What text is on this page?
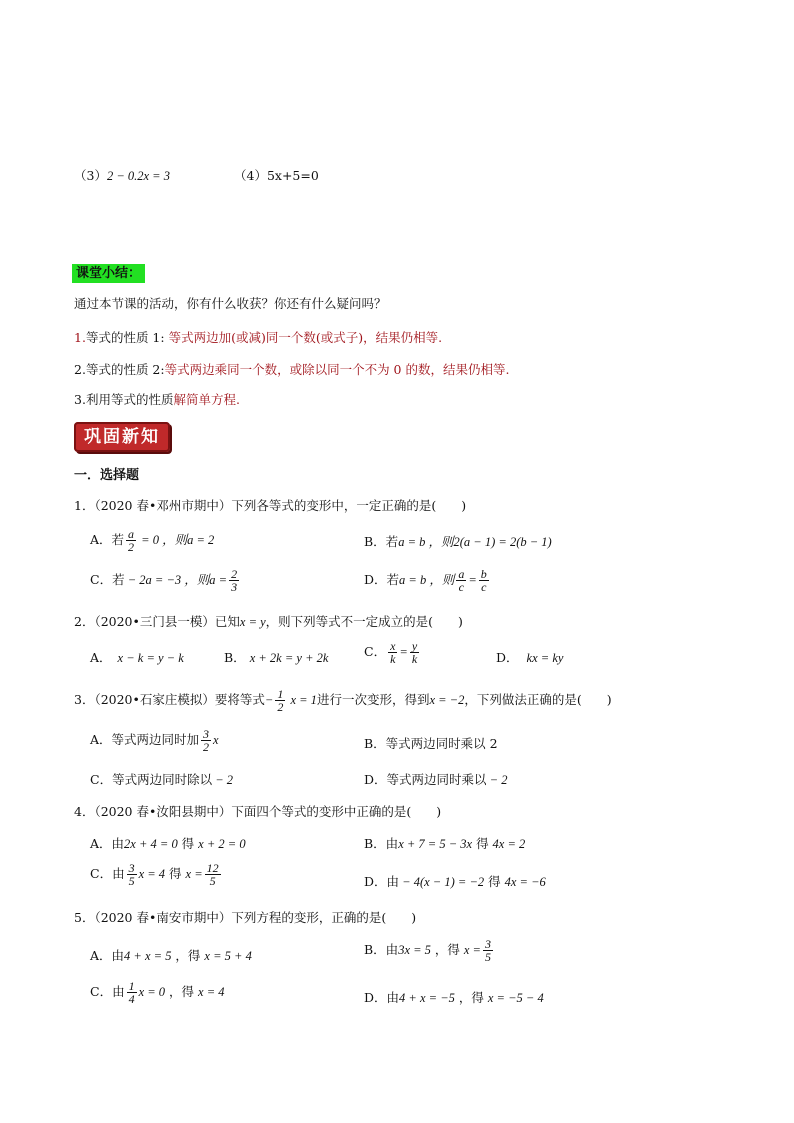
（3）2 − 0.2x = 3	（4）5x+5=0
课堂小结：
通过本节课的活动，你有什么收获？你还有什么疑问吗？
1.等式的性质 1: 等式两边加(或减)同一个数(或式子)，结果仍相等.
2.等式的性质 2:等式两边乘同一个数，或除以同一个不为 0 的数，结果仍相等.
3.利用等式的性质解简单方程.
巩固新知
一．选择题
1．（2020 春•邓州市期中）下列各等式的变形中，一定正确的是(　　)
A．若 $\frac{a}{2} = 0$ ，则a = 2	B．若a = b ，则2(a − 1) = 2(b − 1)
C．若 − 2a = −3 ，则$a = \frac{2}{3}$	D．若a = b ，则 $\frac{a}{c} = \frac{b}{c}$
2．（2020•三门县一模）已知x = y，则下列等式不一定成立的是(　　)
A． x − k = y − k	B． x + 2k = y + 2k	C． $\frac{x}{k} = \frac{y}{k}$	D． kx = ky
3．（2020•石家庄模拟）要将等式− $\frac{1}{2}$ x = 1进行一次变形，得到x = −2，下列做法正确的是(　　)
A．等式两边同时加 $\frac{3}{2}$ x	B．等式两边同时乘以 2
C．等式两边同时除以 − 2	D．等式两边同时乘以 − 2
4．（2020 春•汝阳县期中）下面四个等式的变形中正确的是(　　)
A．由2x + 4 = 0 得 x + 2 = 0	B．由x + 7 = 5 − 3x 得 4x = 2
C．由 $\frac{3}{5}$ x = 4 得 $x = \frac{12}{5}$	D．由 − 4(x − 1) = −2 得 4x = −6
5．（2020 春•南安市期中）下列方程的变形，正确的是(　　)
A．由4 + x = 5 ，得 x = 5 + 4	B．由3x = 5 ，得 $x = \frac{3}{5}$
C．由 $\frac{1}{4}$ x = 0 ，得 x = 4	D．由4 + x = −5 ，得 x = −5 − 4
